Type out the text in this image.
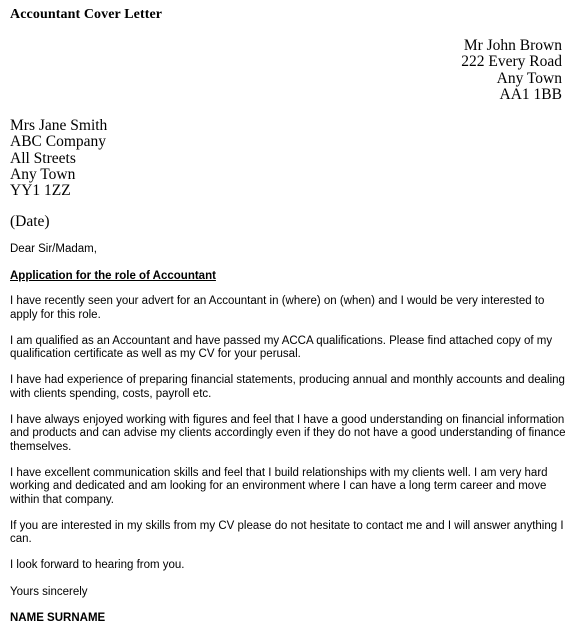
Accountant Cover Letter
Mr John Brown
222 Every Road
Any Town
AA1 1BB
Mrs Jane Smith
ABC Company
All Streets
Any Town
YY1 1ZZ
(Date)
Dear Sir/Madam,
Application for the role of Accountant

I have recently seen your advert for an Accountant in (where) on (when) and I would be very interested to apply for this role.

I am qualified as an Accountant and have passed my ACCA qualifications. Please find attached copy of my qualification certificate as well as my CV for your perusal.

I have had experience of preparing financial statements, producing annual and monthly accounts and dealing with clients spending, costs, payroll etc.

I have always enjoyed working with figures and feel that I have a good understanding on financial information and products and can advise my clients accordingly even if they do not have a good understanding of finance themselves.

I have excellent communication skills and feel that I build relationships with my clients well. I am very hard working and dedicated and am looking for an environment where I can have a long term career and move within that company.

If you are interested in my skills from my CV please do not hesitate to contact me and I will answer anything I can.

I look forward to hearing from you.

Yours sincerely
NAME SURNAME
